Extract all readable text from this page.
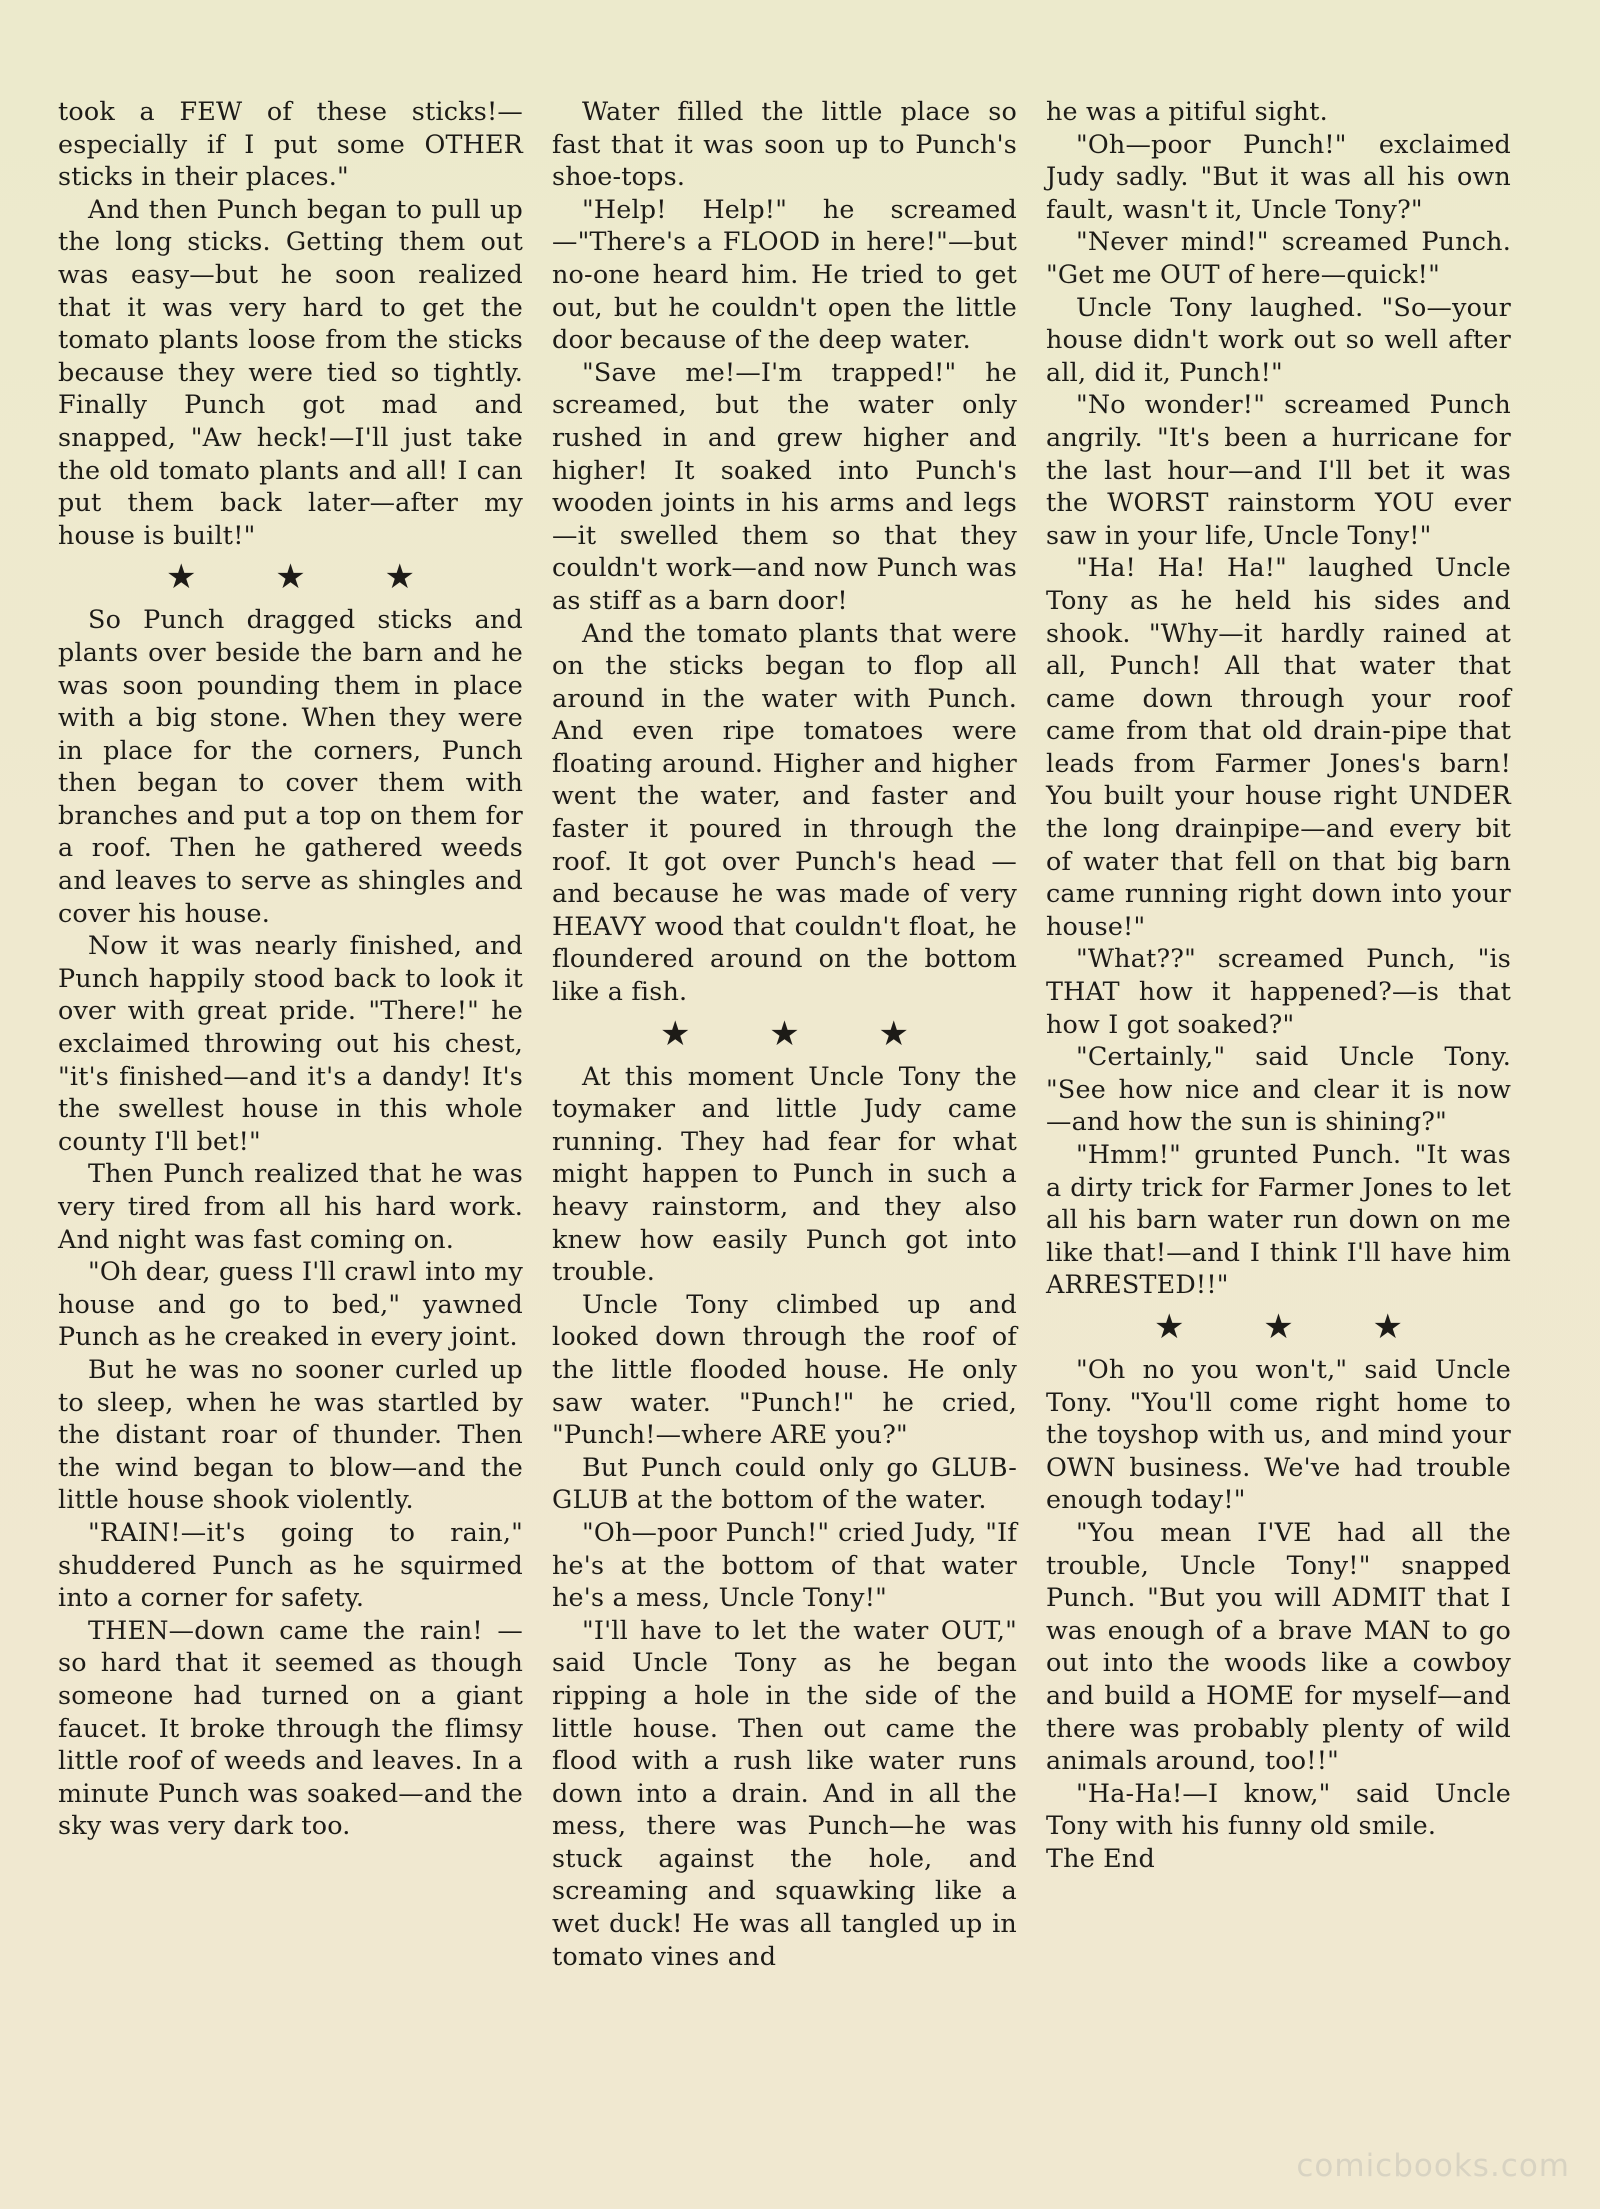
took a FEW of these sticks!—especially if I put some OTHER sticks in their places."

And then Punch began to pull up the long sticks. Getting them out was easy—but he soon realized that it was very hard to get the tomato plants loose from the sticks because they were tied so tightly. Finally Punch got mad and snapped, "Aw heck!—I'll just take the old tomato plants and all! I can put them back later—after my house is built!"

★ ★ ★

So Punch dragged sticks and plants over beside the barn and he was soon pounding them in place with a big stone. When they were in place for the corners, Punch then began to cover them with branches and put a top on them for a roof. Then he gathered weeds and leaves to serve as shingles and cover his house.

Now it was nearly finished, and Punch happily stood back to look it over with great pride. "There!" he exclaimed throwing out his chest, "it's finished—and it's a dandy! It's the swellest house in this whole county I'll bet!"

Then Punch realized that he was very tired from all his hard work. And night was fast coming on.

"Oh dear, guess I'll crawl into my house and go to bed," yawned Punch as he creaked in every joint.

But he was no sooner curled up to sleep, when he was startled by the distant roar of thunder. Then the wind began to blow—and the little house shook violently.

"RAIN!—it's going to rain," shuddered Punch as he squirmed into a corner for safety.

THEN—down came the rain! —so hard that it seemed as though someone had turned on a giant faucet. It broke through the flimsy little roof of weeds and leaves. In a minute Punch was soaked—and the sky was very dark too.

Water filled the little place so fast that it was soon up to Punch's shoe-tops.

"Help! Help!" he screamed—"There's a FLOOD in here!"—but no-one heard him. He tried to get out, but he couldn't open the little door because of the deep water.

"Save me!—I'm trapped!" he screamed, but the water only rushed in and grew higher and higher! It soaked into Punch's wooden joints in his arms and legs—it swelled them so that they couldn't work—and now Punch was as stiff as a barn door!

And the tomato plants that were on the sticks began to flop all around in the water with Punch. And even ripe tomatoes were floating around. Higher and higher went the water, and faster and faster it poured in through the roof. It got over Punch's head —and because he was made of very HEAVY wood that couldn't float, he floundered around on the bottom like a fish.

★ ★ ★

At this moment Uncle Tony the toymaker and little Judy came running. They had fear for what might happen to Punch in such a heavy rainstorm, and they also knew how easily Punch got into trouble.

Uncle Tony climbed up and looked down through the roof of the little flooded house. He only saw water. "Punch!" he cried, "Punch!—where ARE you?"

But Punch could only go GLUB-GLUB at the bottom of the water.

"Oh—poor Punch!" cried Judy, "If he's at the bottom of that water he's a mess, Uncle Tony!"

"I'll have to let the water OUT," said Uncle Tony as he began ripping a hole in the side of the little house. Then out came the flood with a rush like water runs down into a drain. And in all the mess, there was Punch—he was stuck against the hole, and screaming and squawking like a wet duck! He was all tangled up in tomato vines and

he was a pitiful sight.

"Oh—poor Punch!" exclaimed Judy sadly. "But it was all his own fault, wasn't it, Uncle Tony?"

"Never mind!" screamed Punch. "Get me OUT of here—quick!"

Uncle Tony laughed. "So—your house didn't work out so well after all, did it, Punch!"

"No wonder!" screamed Punch angrily. "It's been a hurricane for the last hour—and I'll bet it was the WORST rainstorm YOU ever saw in your life, Uncle Tony!"

"Ha! Ha! Ha!" laughed Uncle Tony as he held his sides and shook. "Why—it hardly rained at all, Punch! All that water that came down through your roof came from that old drain-pipe that leads from Farmer Jones's barn! You built your house right UNDER the long drainpipe—and every bit of water that fell on that big barn came running right down into your house!"

"What??" screamed Punch, "is THAT how it happened?—is that how I got soaked?"

"Certainly," said Uncle Tony. "See how nice and clear it is now —and how the sun is shining?"

"Hmm!" grunted Punch. "It was a dirty trick for Farmer Jones to let all his barn water run down on me like that!—and I think I'll have him ARRESTED!!"

★ ★ ★

"Oh no you won't," said Uncle Tony. "You'll come right home to the toyshop with us, and mind your OWN business. We've had trouble enough today!"

"You mean I'VE had all the trouble, Uncle Tony!" snapped Punch. "But you will ADMIT that I was enough of a brave MAN to go out into the woods like a cowboy and build a HOME for myself—and there was probably plenty of wild animals around, too!!"

"Ha-Ha!—I know," said Uncle Tony with his funny old smile.

The End

comicbooks.com
